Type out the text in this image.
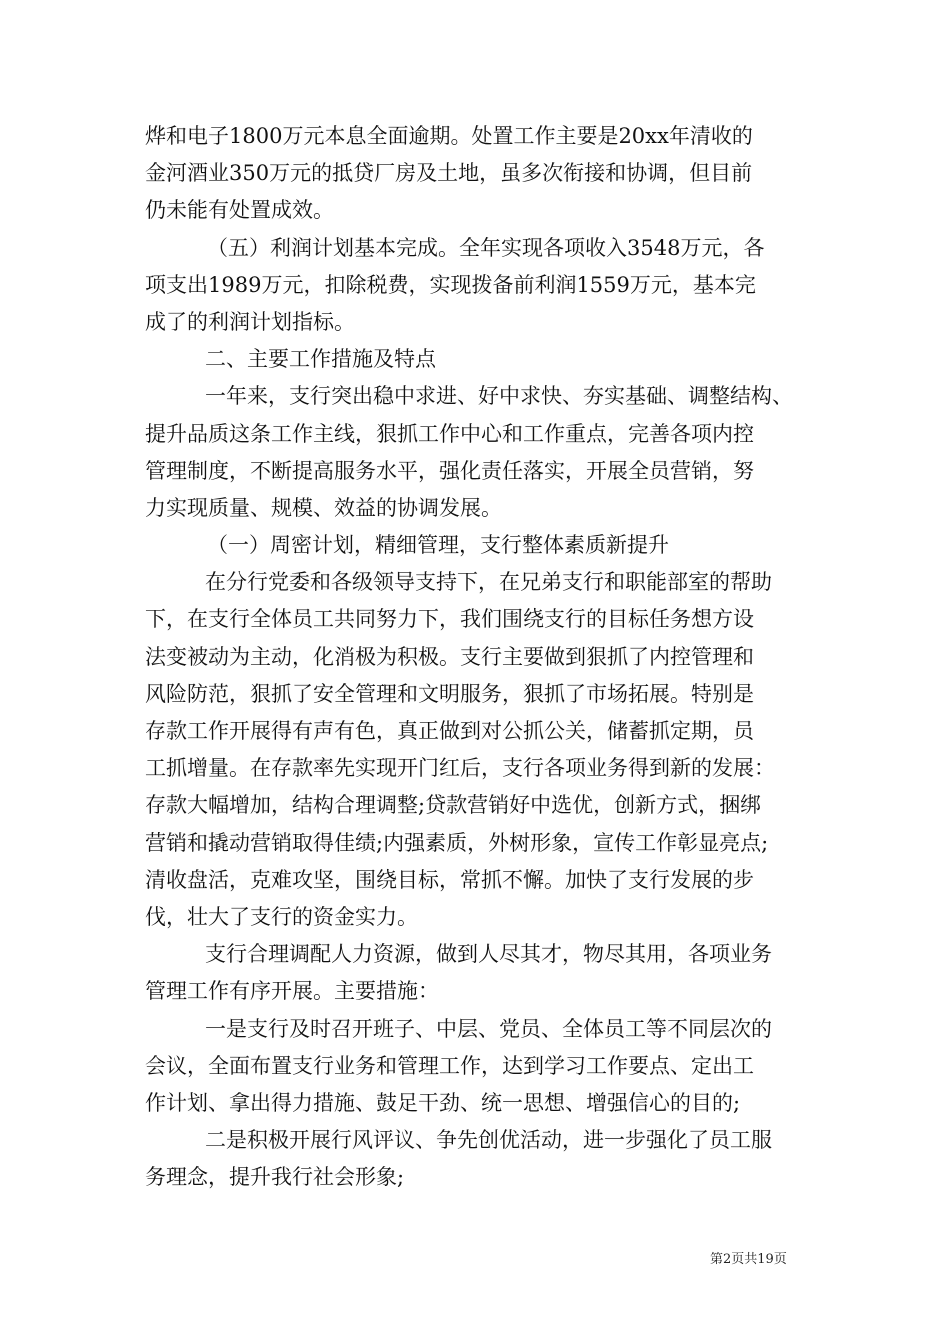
烨和电子1800万元本息全面逾期。处置工作主要是20xx年清收的
金河酒业350万元的抵贷厂房及土地，虽多次衔接和协调，但目前
仍未能有处置成效。
（五）利润计划基本完成。全年实现各项收入3548万元，各
项支出1989万元，扣除税费，实现拨备前利润1559万元，基本完
成了的利润计划指标。
二、主要工作措施及特点
一年来，支行突出稳中求进、好中求快、夯实基础、调整结构、
提升品质这条工作主线，狠抓工作中心和工作重点，完善各项内控
管理制度，不断提高服务水平，强化责任落实，开展全员营销，努
力实现质量、规模、效益的协调发展。
（一）周密计划，精细管理，支行整体素质新提升
在分行党委和各级领导支持下，在兄弟支行和职能部室的帮助
下，在支行全体员工共同努力下，我们围绕支行的目标任务想方设
法变被动为主动，化消极为积极。支行主要做到狠抓了内控管理和
风险防范，狠抓了安全管理和文明服务，狠抓了市场拓展。特别是
存款工作开展得有声有色，真正做到对公抓公关，储蓄抓定期，员
工抓增量。在存款率先实现开门红后，支行各项业务得到新的发展：
存款大幅增加，结构合理调整;贷款营销好中选优，创新方式，捆绑
营销和撬动营销取得佳绩;内强素质，外树形象，宣传工作彰显亮点;
清收盘活，克难攻坚，围绕目标，常抓不懈。加快了支行发展的步
伐，壮大了支行的资金实力。
支行合理调配人力资源，做到人尽其才，物尽其用，各项业务
管理工作有序开展。主要措施：
一是支行及时召开班子、中层、党员、全体员工等不同层次的
会议，全面布置支行业务和管理工作，达到学习工作要点、定出工
作计划、拿出得力措施、鼓足干劲、统一思想、增强信心的目的;
二是积极开展行风评议、争先创优活动，进一步强化了员工服
务理念，提升我行社会形象;
第2页共19页
